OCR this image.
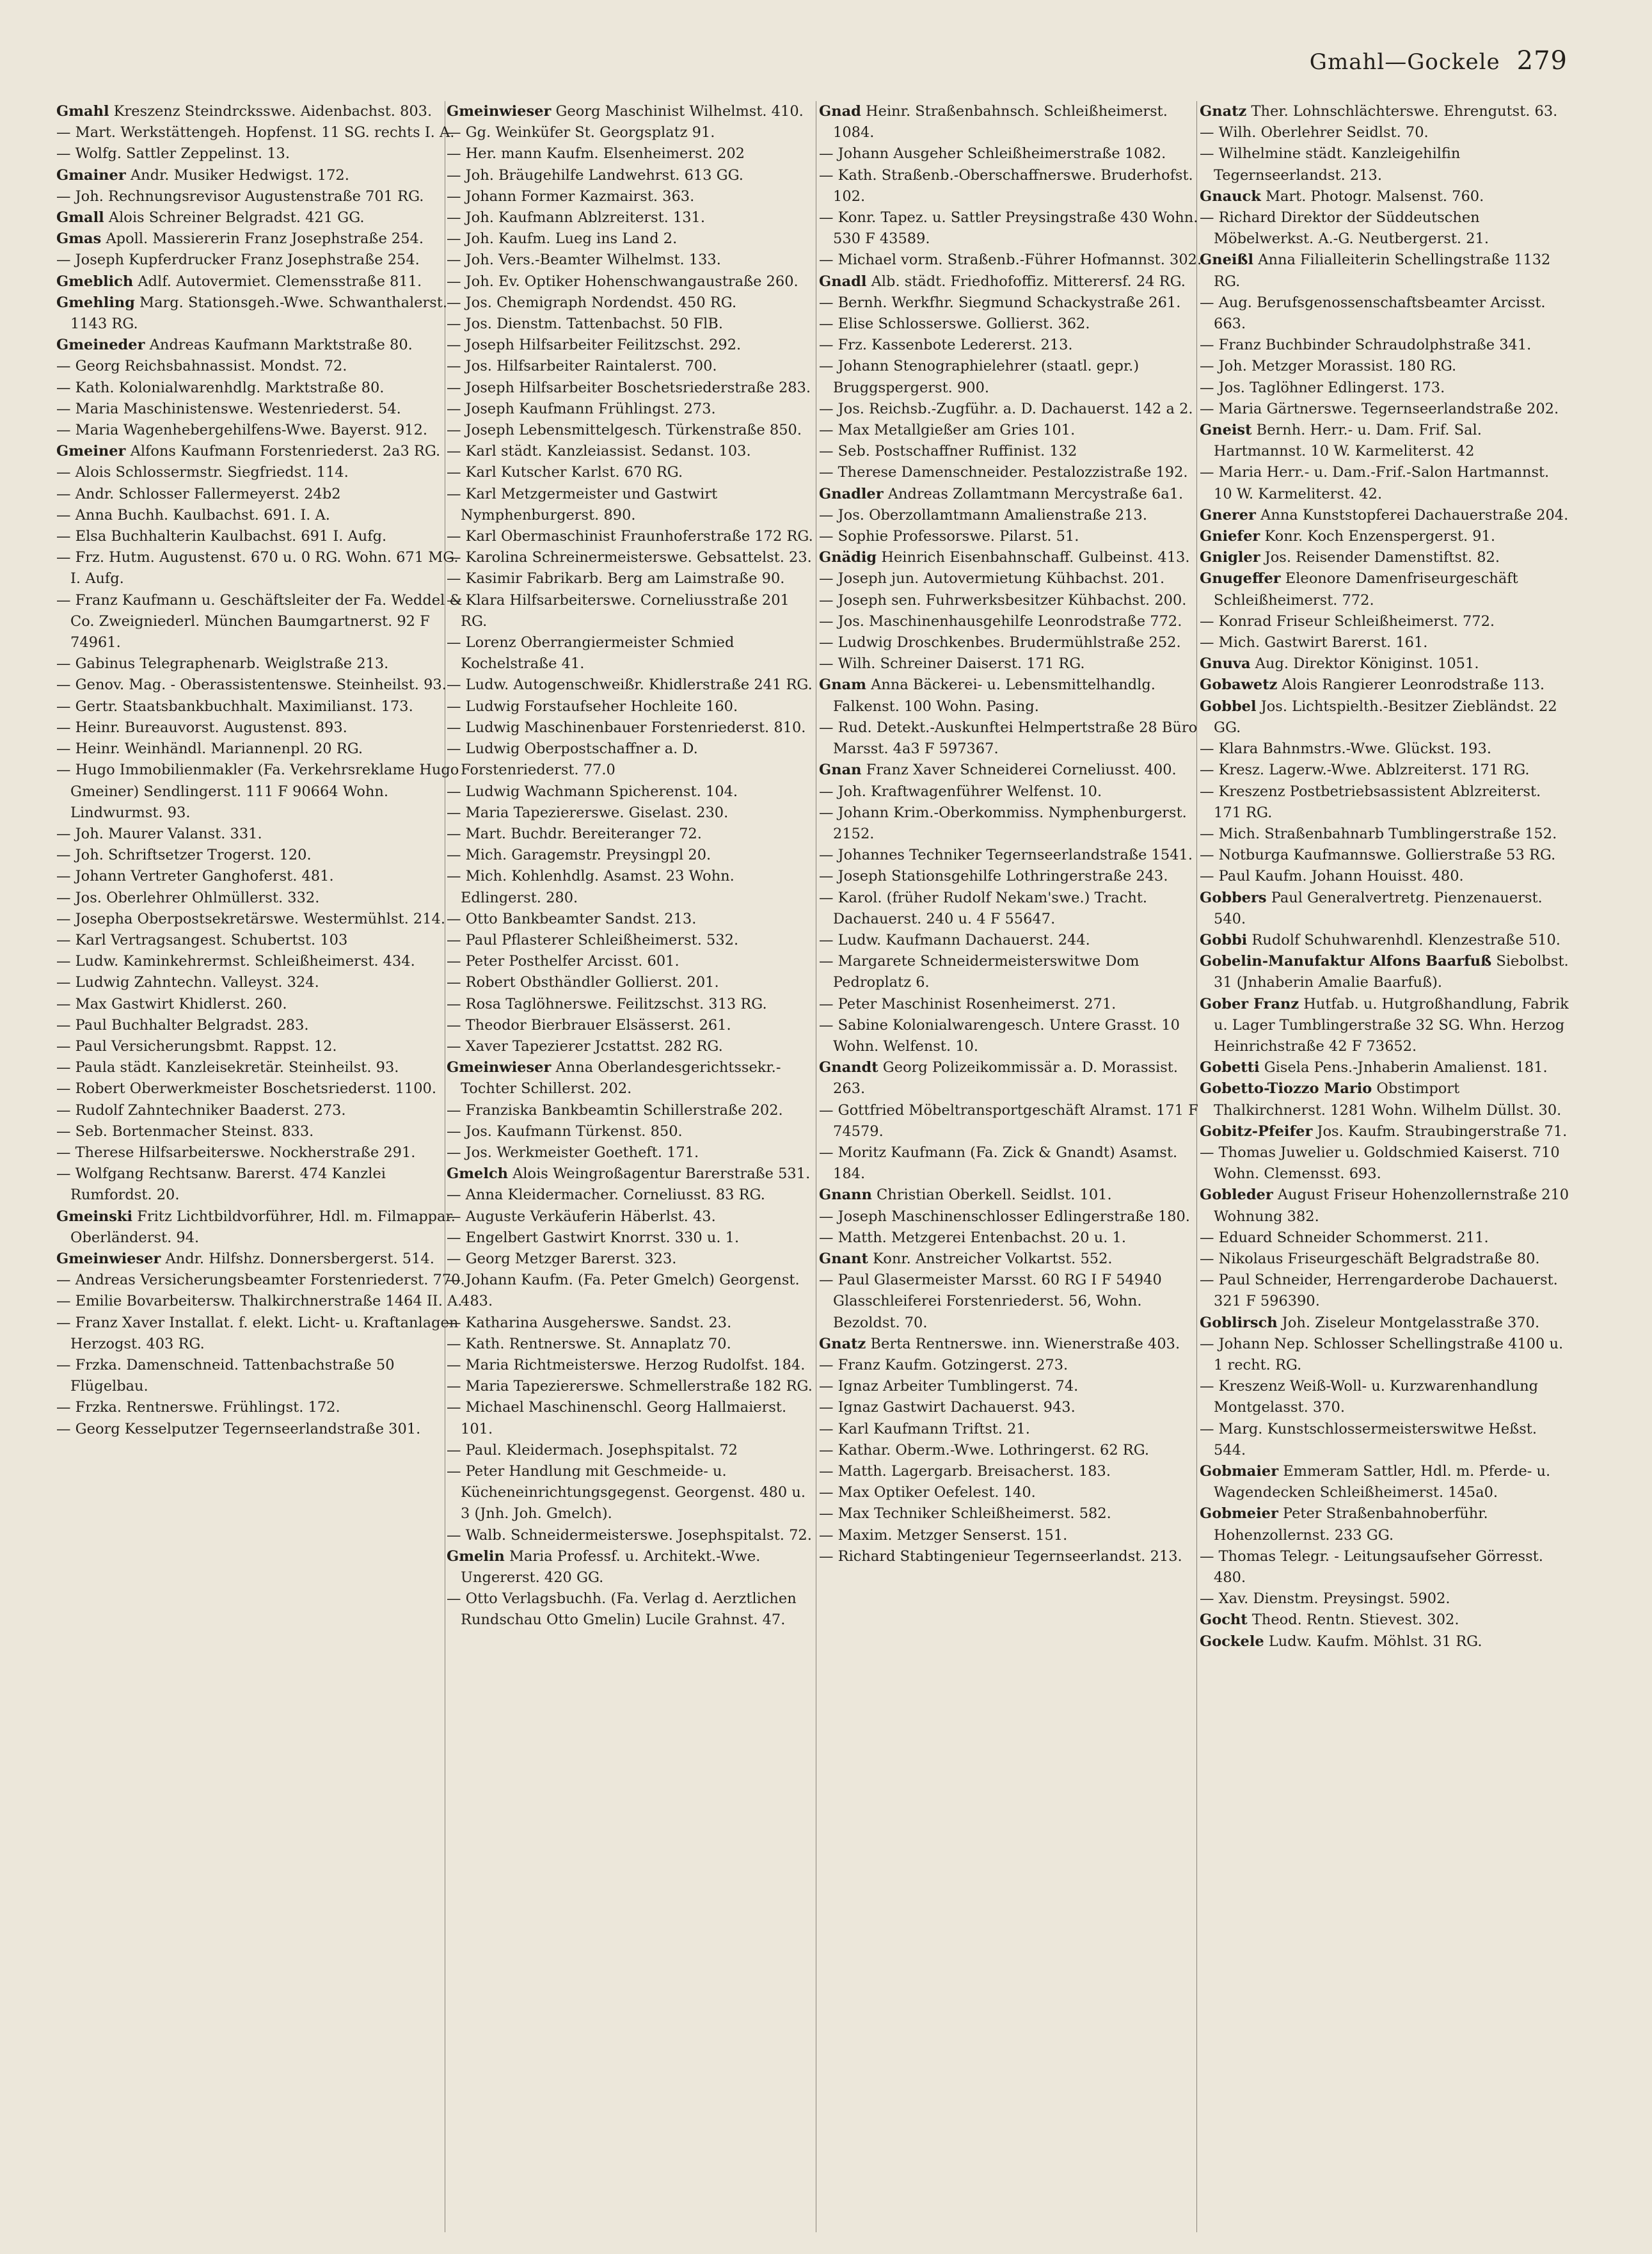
Gmahl—Gockele 279

Gmahl Kreszenz Steindrcksswe. Aidenbachst. 803.

— Mart. Werkstättengeh. Hopfenst. 11 SG. rechts I. A.

— Wolfg. Sattler Zeppelinst. 13.

Gmainer Andr. Musiker Hedwigst. 172.

— Joh. Rechnungsrevisor Augustenstraße 701 RG.

Gmall Alois Schreiner Belgradst. 421 GG.

Gmas Apoll. Massiererin Franz Josephstraße 254.

— Joseph Kupferdrucker Franz Josephstraße 254.

Gmeblich Adlf. Autovermiet. Clemensstraße 811.

Gmehling Marg. Stationsgeh.-Wwe. Schwanthalerst. 1143 RG.

Gmeineder Andreas Kaufmann Marktstraße 80.

— Georg Reichsbahnassist. Mondst. 72.

— Kath. Kolonialwarenhdlg. Marktstraße 80.

— Maria Maschinistenswe. Westenriederst. 54.

— Maria Wagenhebergehilfens-Wwe. Bayerst. 912.

Gmeiner Alfons Kaufmann Forstenriederst. 2a3 RG.

— Alois Schlossermstr. Siegfriedst. 114.

— Andr. Schlosser Fallermeyerst. 24b2

— Anna Buchh. Kaulbachst. 691. I. A.

— Elsa Buchhalterin Kaulbachst. 691 I. Aufg.

— Frz. Hutm. Augustenst. 670 u. 0 RG. Wohn. 671 MG. I. Aufg.

— Franz Kaufmann u. Geschäftsleiter der Fa. Weddel & Co. Zweigniederl. München Baumgartnerst. 92 F 74961.

— Gabinus Telegraphenarb. Weiglstraße 213.

— Genov. Mag. - Oberassistentenswe. Steinheilst. 93.

— Gertr. Staatsbankbuchhalt. Maximilianst. 173.

— Heinr. Bureauvorst. Augustenst. 893.

— Heinr. Weinhändl. Mariannenpl. 20 RG.

— Hugo Immobilienmakler (Fa. Verkehrsreklame Hugo Gmeiner) Sendlingerst. 111 F 90664 Wohn. Lindwurmst. 93.

— Joh. Maurer Valanst. 331.

— Joh. Schriftsetzer Trogerst. 120.

— Johann Vertreter Ganghoferst. 481.

— Jos. Oberlehrer Ohlmüllerst. 332.

— Josepha Oberpostsekretärswe. Westermühlst. 214.

— Karl Vertragsangest. Schubertst. 103

— Ludw. Kaminkehrermst. Schleißheimerst. 434.

— Ludwig Zahntechn. Valleyst. 324.

— Max Gastwirt Khidlerst. 260.

— Paul Buchhalter Belgradst. 283.

— Paul Versicherungsbmt. Rappst. 12.

— Paula städt. Kanzleisekretär. Steinheilst. 93.

— Robert Oberwerkmeister Boschetsriederst. 1100.

— Rudolf Zahntechniker Baaderst. 273.

— Seb. Bortenmacher Steinst. 833.

— Therese Hilfsarbeiterswe. Nockherstraße 291.

— Wolfgang Rechtsanw. Barerst. 474 Kanzlei Rumfordst. 20.

Gmeinski Fritz Lichtbildvorführer, Hdl. m. Filmappar. Oberländerst. 94.

Gmeinwieser Andr. Hilfshz. Donnersbergerst. 514.

— Andreas Versicherungsbeamter Forstenriederst. 770.

— Emilie Bovarbeitersw. Thalkirchnerstraße 1464 II. A.

— Franz Xaver Installat. f. elekt. Licht- u. Kraftanlagen Herzogst. 403 RG.

— Frzka. Damenschneid. Tattenbachstraße 50 Flügelbau.

— Frzka. Rentnerswe. Frühlingst. 172.

— Georg Kesselputzer Tegernseerlandstraße 301.

Gmeinwieser Georg Maschinist Wilhelmst. 410.

— Gg. Weinküfer St. Georgsplatz 91.

— Her. mann Kaufm. Elsenheimerst. 202

— Joh. Bräugehilfe Landwehrst. 613 GG.

— Johann Former Kazmairst. 363.

— Joh. Kaufmann Ablzreiterst. 131.

— Joh. Kaufm. Lueg ins Land 2.

— Joh. Vers.-Beamter Wilhelmst. 133.

— Joh. Ev. Optiker Hohenschwangaustraße 260.

— Jos. Chemigraph Nordendst. 450 RG.

— Jos. Dienstm. Tattenbachst. 50 FlB.

— Joseph Hilfsarbeiter Feilitzschst. 292.

— Jos. Hilfsarbeiter Raintalerst. 700.

— Joseph Hilfsarbeiter Boschetsriederstraße 283.

— Joseph Kaufmann Frühlingst. 273.

— Joseph Lebensmittelgesch. Türkenstraße 850.

— Karl städt. Kanzleiassist. Sedanst. 103.

— Karl Kutscher Karlst. 670 RG.

— Karl Metzgermeister und Gastwirt Nymphenburgerst. 890.

— Karl Obermaschinist Fraunhoferstraße 172 RG.

— Karolina Schreinermeisterswe. Gebsattelst. 23.

— Kasimir Fabrikarb. Berg am Laimstraße 90.

— Klara Hilfsarbeiterswe. Corneliusstraße 201 RG.

— Lorenz Oberrangiermeister Schmied Kochelstraße 41.

— Ludw. Autogenschweißr. Khidlerstraße 241 RG.

— Ludwig Forstaufseher Hochleite 160.

— Ludwig Maschinenbauer Forstenriederst. 810.

— Ludwig Oberpostschaffner a. D. Forstenriederst. 77.0

— Ludwig Wachmann Spicherenst. 104.

— Maria Tapeziererswe. Giselast. 230.

— Mart. Buchdr. Bereiteranger 72.

— Mich. Garagemstr. Preysingpl 20.

— Mich. Kohlenhdlg. Asamst. 23 Wohn. Edlingerst. 280.

— Otto Bankbeamter Sandst. 213.

— Paul Pflasterer Schleißheimerst. 532.

— Peter Posthelfer Arcisst. 601.

— Robert Obsthändler Gollierst. 201.

— Rosa Taglöhnerswe. Feilitzschst. 313 RG.

— Theodor Bierbrauer Elsässerst. 261.

— Xaver Tapezierer Jcstattst. 282 RG.

Gmeinwieser Anna Oberlandesgerichtssekr.-Tochter Schillerst. 202.

— Franziska Bankbeamtin Schillerstraße 202.

— Jos. Kaufmann Türkenst. 850.

— Jos. Werkmeister Goetheft. 171.

Gmelch Alois Weingroßagentur Barerstraße 531.

— Anna Kleidermacher. Corneliusst. 83 RG.

— Auguste Verkäuferin Häberlst. 43.

— Engelbert Gastwirt Knorrst. 330 u. 1.

— Georg Metzger Barerst. 323.

— Johann Kaufm. (Fa. Peter Gmelch) Georgenst. 483.

— Katharina Ausgeherswe. Sandst. 23.

— Kath. Rentnerswe. St. Annaplatz 70.

— Maria Richtmeisterswe. Herzog Rudolfst. 184.

— Maria Tapeziererswe. Schmellerstraße 182 RG.

— Michael Maschinenschl. Georg Hallmaierst. 101.

— Paul. Kleidermach. Josephspitalst. 72

— Peter Handlung mit Geschmeide- u. Kücheneinrichtungsgegenst. Georgenst. 480 u. 3 (Jnh. Joh. Gmelch).

— Walb. Schneidermeisterswe. Josephspitalst. 72.

Gmelin Maria Professf. u. Architekt.-Wwe. Ungererst. 420 GG.

— Otto Verlagsbuchh. (Fa. Verlag d. Aerztlichen Rundschau Otto Gmelin) Lucile Grahnst. 47.

Gnad Heinr. Straßenbahnsch. Schleißheimerst. 1084.

— Johann Ausgeher Schleißheimerstraße 1082.

— Kath. Straßenb.-Oberschaffnerswe. Bruderhofst. 102.

— Konr. Tapez. u. Sattler Preysingstraße 430 Wohn. 530 F 43589.

— Michael vorm. Straßenb.-Führer Hofmannst. 302.

Gnadl Alb. städt. Friedhofoffiz. Mitterersf. 24 RG.

— Bernh. Werkfhr. Siegmund Schackystraße 261.

— Elise Schlosserswe. Gollierst. 362.

— Frz. Kassenbote Ledererst. 213.

— Johann Stenographielehrer (staatl. gepr.) Bruggspergerst. 900.

— Jos. Reichsb.-Zugführ. a. D. Dachauerst. 142 a 2.

— Max Metallgießer am Gries 101.

— Seb. Postschaffner Ruffinist. 132

— Therese Damenschneider. Pestalozzistraße 192.

Gnadler Andreas Zollamtmann Mercystraße 6a1.

— Jos. Oberzollamtmann Amalienstraße 213.

— Sophie Professorswe. Pilarst. 51.

Gnädig Heinrich Eisenbahnschaff. Gulbeinst. 413.

— Joseph jun. Autovermietung Kühbachst. 201.

— Joseph sen. Fuhrwerksbesitzer Kühbachst. 200.

— Jos. Maschinenhausgehilfe Leonrodstraße 772.

— Ludwig Droschkenbes. Brudermühlstraße 252.

— Wilh. Schreiner Daiserst. 171 RG.

Gnam Anna Bäckerei- u. Lebensmittelhandlg. Falkenst. 100 Wohn. Pasing.

— Rud. Detekt.-Auskunftei Helmpertstraße 28 Büro Marsst. 4a3 F 597367.

Gnan Franz Xaver Schneiderei Corneliusst. 400.

— Joh. Kraftwagenführer Welfenst. 10.

— Johann Krim.-Oberkommiss. Nymphenburgerst. 2152.

— Johannes Techniker Tegernseerlandstraße 1541.

— Joseph Stationsgehilfe Lothringerstraße 243.

— Karol. (früher Rudolf Nekam'swe.) Tracht. Dachauerst. 240 u. 4 F 55647.

— Ludw. Kaufmann Dachauerst. 244.

— Margarete Schneidermeisterswitwe Dom Pedroplatz 6.

— Peter Maschinist Rosenheimerst. 271.

— Sabine Kolonialwarengesch. Untere Grasst. 10 Wohn. Welfenst. 10.

Gnandt Georg Polizeikommissär a. D. Morassist. 263.

— Gottfried Möbeltransportgeschäft Alramst. 171 F 74579.

— Moritz Kaufmann (Fa. Zick & Gnandt) Asamst. 184.

Gnann Christian Oberkell. Seidlst. 101.

— Joseph Maschinenschlosser Edlingerstraße 180.

— Matth. Metzgerei Entenbachst. 20 u. 1.

Gnant Konr. Anstreicher Volkartst. 552.

— Paul Glasermeister Marsst. 60 RG I F 54940 Glasschleiferei Forstenriederst. 56, Wohn. Bezoldst. 70.

Gnatz Berta Rentnerswe. inn. Wienerstraße 403.

— Franz Kaufm. Gotzingerst. 273.

— Ignaz Arbeiter Tumblingerst. 74.

— Ignaz Gastwirt Dachauerst. 943.

— Karl Kaufmann Triftst. 21.

— Kathar. Oberm.-Wwe. Lothringerst. 62 RG.

— Matth. Lagergarb. Breisacherst. 183.

— Max Optiker Oefelest. 140.

— Max Techniker Schleißheimerst. 582.

— Maxim. Metzger Senserst. 151.

— Richard Stabtingenieur Tegernseerlandst. 213.

Gnatz Ther. Lohnschlächterswe. Ehrengutst. 63.

— Wilh. Oberlehrer Seidlst. 70.

— Wilhelmine städt. Kanzleigehilfin Tegernseerlandst. 213.

Gnauck Mart. Photogr. Malsenst. 760.

— Richard Direktor der Süddeutschen Möbelwerkst. A.-G. Neutbergerst. 21.

Gneißl Anna Filialleiterin Schellingstraße 1132 RG.

— Aug. Berufsgenossenschaftsbeamter Arcisst. 663.

— Franz Buchbinder Schraudolphstraße 341.

— Joh. Metzger Morassist. 180 RG.

— Jos. Taglöhner Edlingerst. 173.

— Maria Gärtnerswe. Tegernseerlandstraße 202.

Gneist Bernh. Herr.- u. Dam. Frif. Sal. Hartmannst. 10 W. Karmeliterst. 42

— Maria Herr.- u. Dam.-Frif.-Salon Hartmannst. 10 W. Karmeliterst. 42.

Gnerer Anna Kunststopferei Dachauerstraße 204.

Gniefer Konr. Koch Enzenspergerst. 91.

Gnigler Jos. Reisender Damenstiftst. 82.

Gnugeffer Eleonore Damenfriseurgeschäft Schleißheimerst. 772.

— Konrad Friseur Schleißheimerst. 772.

— Mich. Gastwirt Barerst. 161.

Gnuva Aug. Direktor Königinst. 1051.

Gobawetz Alois Rangierer Leonrodstraße 113.

Gobbel Jos. Lichtspielth.-Besitzer Ziebländst. 22 GG.

— Klara Bahnmstrs.-Wwe. Glückst. 193.

— Kresz. Lagerw.-Wwe. Ablzreiterst. 171 RG.

— Kreszenz Postbetriebsassistent Ablzreiterst. 171 RG.

— Mich. Straßenbahnarb Tumblingerstraße 152.

— Notburga Kaufmannswe. Gollierstraße 53 RG.

— Paul Kaufm. Johann Houisst. 480.

Gobbers Paul Generalvertretg. Pienzenauerst. 540.

Gobbi Rudolf Schuhwarenhdl. Klenzestraße 510.

Gobelin-Manufaktur Alfons Baarfuß Siebolbst. 31 (Jnhaberin Amalie Baarfuß).

Gober Franz Hutfab. u. Hutgroßhandlung, Fabrik u. Lager Tumblingerstraße 32 SG. Whn. Herzog Heinrichstraße 42 F 73652.

Gobetti Gisela Pens.-Jnhaberin Amalienst. 181.

Gobetto-Tiozzo Mario Obstimport Thalkirchnerst. 1281 Wohn. Wilhelm Düllst. 30.

Gobitz-Pfeifer Jos. Kaufm. Straubingerstraße 71.

— Thomas Juwelier u. Goldschmied Kaiserst. 710 Wohn. Clemensst. 693.

Gobleder August Friseur Hohenzollernstraße 210 Wohnung 382.

— Eduard Schneider Schommerst. 211.

— Nikolaus Friseurgeschäft Belgradstraße 80.

— Paul Schneider, Herrengarderobe Dachauerst. 321 F 596390.

Goblirsch Joh. Ziseleur Montgelasstraße 370.

— Johann Nep. Schlosser Schellingstraße 4100 u. 1 recht. RG.

— Kreszenz Weiß-Woll- u. Kurzwarenhandlung Montgelasst. 370.

— Marg. Kunstschlossermeisterswitwe Heßst. 544.

Gobmaier Emmeram Sattler, Hdl. m. Pferde- u. Wagendecken Schleißheimerst. 145a0.

Gobmeier Peter Straßenbahnoberführ. Hohenzollernst. 233 GG.

— Thomas Telegr. - Leitungsaufseher Görresst. 480.

— Xav. Dienstm. Preysingst. 5902.

Gocht Theod. Rentn. Stievest. 302.

Gockele Ludw. Kaufm. Möhlst. 31 RG.
